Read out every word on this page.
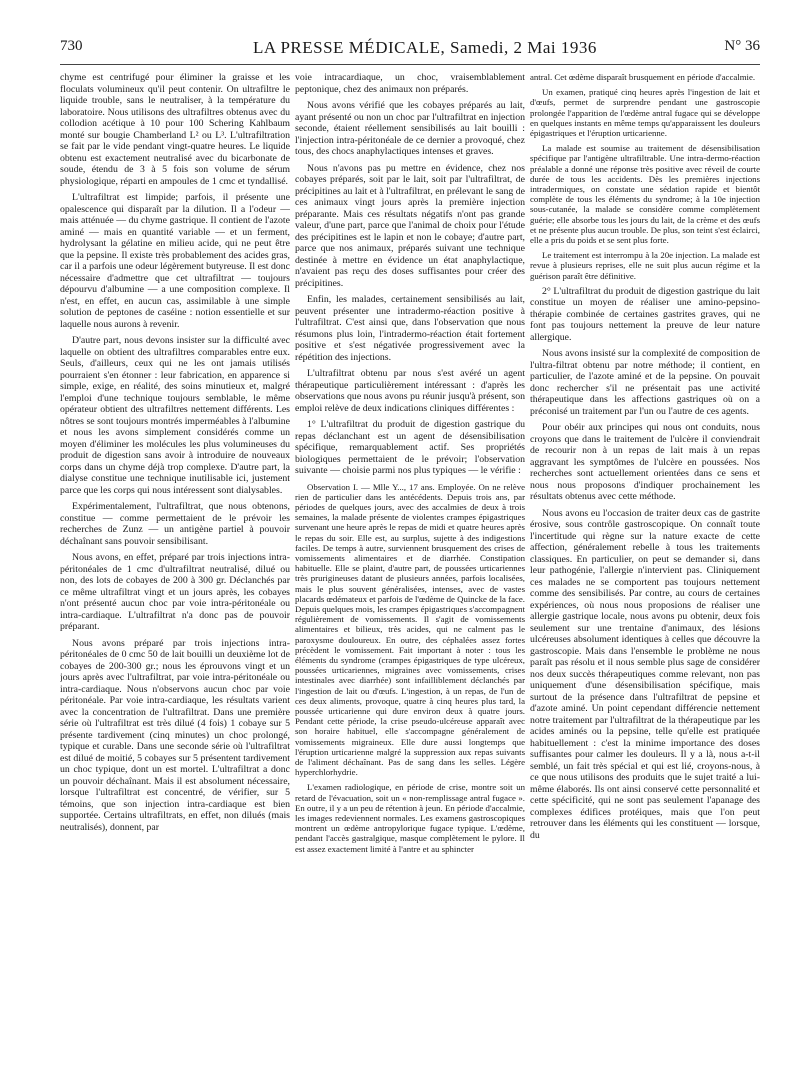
730	LA PRESSE MÉDICALE, Samedi, 2 Mai 1936	N° 36

chyme est centrifugé pour éliminer la graisse et les floculats volumineux qu'il peut contenir. On ultrafiltre le liquide trouble, sans le neutraliser, à la température du laboratoire. Nous utilisons des ultrafiltres obtenus avec du collodion acétique à 10 pour 100 Schering Kahlbaum monté sur bougie Chamberland L² ou L³. L'ultrafiltration se fait par le vide pendant vingt-quatre heures. Le liquide obtenu est exactement neutralisé avec du bicarbonate de soude, étendu de 3 à 5 fois son volume de sérum physiologique, réparti en ampoules de 1 cmc et tyndallisé.

L'ultrafiltrat est limpide; parfois, il présente une opalescence qui disparaît par la dilution. Il a l'odeur — mais atténuée — du chyme gastrique. Il contient de l'azote aminé — mais en quantité variable — et un ferment, hydrolysant la gélatine en milieu acide, qui ne peut être que la pepsine. Il existe très probablement des acides gras, car il a parfois une odeur légèrement butyreuse. Il est donc nécessaire d'admettre que cet ultrafiltrat — toujours dépourvu d'albumine — a une composition complexe. Il n'est, en effet, en aucun cas, assimilable à une simple solution de peptones de caséine : notion essentielle et sur laquelle nous aurons à revenir.

D'autre part, nous devons insister sur la difficulté avec laquelle on obtient des ultrafiltres comparables entre eux. Seuls, d'ailleurs, ceux qui ne les ont jamais utilisés pourraient s'en étonner : leur fabrication, en apparence si simple, exige, en réalité, des soins minutieux et, malgré l'emploi d'une technique toujours semblable, le même opérateur obtient des ultrafiltres nettement différents. Les nôtres se sont toujours montrés imperméables à l'albumine et nous les avons simplement considérés comme un moyen d'éliminer les molécules les plus volumineuses du produit de digestion sans avoir à introduire de nouveaux corps dans un chyme déjà trop complexe. D'autre part, la dialyse constitue une technique inutilisable ici, justement parce que les corps qui nous intéressent sont dialysables.

Expérimentalement, l'ultrafiltrat, que nous obtenons, constitue — comme permettaient de le prévoir les recherches de Zunz — un antigène partiel à pouvoir déchaînant sans pouvoir sensibilisant.

Nous avons, en effet, préparé par trois injections intra-péritonéales de 1 cmc d'ultrafiltrat neutralisé, dilué ou non, des lots de cobayes de 200 à 300 gr. Déclanchés par ce même ultrafiltrat vingt et un jours après, les cobayes n'ont présenté aucun choc par voie intra-péritonéale ou intra-cardiaque. L'ultrafiltrat n'a donc pas de pouvoir préparant.

Nous avons préparé par trois injections intra-péritonéales de 0 cmc 50 de lait bouilli un deuxième lot de cobayes de 200-300 gr.; nous les éprouvons vingt et un jours après avec l'ultrafiltrat, par voie intra-péritonéale ou intra-cardiaque. Nous n'observons aucun choc par voie péritonéale. Par voie intra-cardiaque, les résultats varient avec la concentration de l'ultrafiltrat. Dans une première série où l'ultrafiltrat est très dilué (4 fois) 1 cobaye sur 5 présente tardivement (cinq minutes) un choc prolongé, typique et curable. Dans une seconde série où l'ultrafiltrat est dilué de moitié, 5 cobayes sur 5 présentent tardivement un choc typique, dont un est mortel. L'ultrafiltrat a donc un pouvoir déchaînant. Mais il est absolument nécessaire, lorsque l'ultrafiltrat est concentré, de vérifier, sur 5 témoins, que son injection intra-cardiaque est bien supportée. Certains ultrafiltrats, en effet, non dilués (mais neutralisés), donnent, par

voie intracardiaque, un choc, vraisemblablement peptonique, chez des animaux non préparés.

Nous avons vérifié que les cobayes préparés au lait, ayant présenté ou non un choc par l'ultrafiltrat en injection seconde, étaient réellement sensibilisés au lait bouilli : l'injection intra-péritonéale de ce dernier a provoqué, chez tous, des chocs anaphylactiques intenses et graves.

Nous n'avons pas pu mettre en évidence, chez nos cobayes préparés, soit par le lait, soit par l'ultrafiltrat, de précipitines au lait et à l'ultrafiltrat, en prélevant le sang de ces animaux vingt jours après la première injection préparante. Mais ces résultats négatifs n'ont pas grande valeur, d'une part, parce que l'animal de choix pour l'étude des précipitines est le lapin et non le cobaye; d'autre part, parce que nos animaux, préparés suivant une technique destinée à mettre en évidence un état anaphylactique, n'avaient pas reçu des doses suffisantes pour créer des précipitines.

Enfin, les malades, certainement sensibilisés au lait, peuvent présenter une intradermo-réaction positive à l'ultrafiltrat. C'est ainsi que, dans l'observation que nous résumons plus loin, l'intradermo-réaction était fortement positive et s'est négativée progressivement avec la répétition des injections.

L'ultrafiltrat obtenu par nous s'est avéré un agent thérapeutique particulièrement intéressant : d'après les observations que nous avons pu réunir jusqu'à présent, son emploi relève de deux indications cliniques différentes :

1° L'ultrafiltrat du produit de digestion gastrique du repas déclanchant est un agent de désensibilisation spécifique, remarquablement actif. Ses propriétés biologiques permettaient de le prévoir; l'observation suivante — choisie parmi nos plus typiques — le vérifie :

Observation I. — Mlle Y..., 17 ans. Employée. On ne relève rien de particulier dans les antécédents. Depuis trois ans, par périodes de quelques jours, avec des accalmies de deux à trois semaines, la malade présente de violentes crampes épigastriques survenant une heure après le repas de midi et quatre heures après le repas du soir. Elle est, au surplus, sujette à des indigestions faciles. De temps à autre, surviennent brusquement des crises de vomissements alimentaires et de diarrhée. Constipation habituelle. Elle se plaint, d'autre part, de poussées urticariennes très prurigineuses datant de plusieurs années, parfois localisées, mais le plus souvent généralisées, intenses, avec de vastes placards œdémateux et parfois de l'œdème de Quincke de la face. Depuis quelques mois, les crampes épigastriques s'accompagnent régulièrement de vomissements. Il s'agit de vomissements alimentaires et bilieux, très acides, qui ne calment pas le paroxysme douloureux. En outre, des céphalées assez fortes précèdent le vomissement. Fait important à noter : tous les éléments du syndrome (crampes épigastriques de type ulcéreux, poussées urticariennes, migraines avec vomissements, crises intestinales avec diarrhée) sont infailliblement déclanchés par l'ingestion de lait ou d'œufs. L'ingestion, à un repas, de l'un de ces deux aliments, provoque, quatre à cinq heures plus tard, la poussée urticarienne qui dure environ deux à quatre jours. Pendant cette période, la crise pseudo-ulcéreuse apparaît avec son horaire habituel, elle s'accompagne généralement de vomissements migraineux. Elle dure aussi longtemps que l'éruption urticarienne malgré la suppression aux repas suivants de l'aliment déchaînant. Pas de sang dans les selles. Légère hyperchlorhydrie.

L'examen radiologique, en période de crise, montre soit un retard de l'évacuation, soit un « non-remplissage antral fugace ». En outre, il y a un peu de rétention à jeun. En période d'accalmie, les images redeviennent normales. Les examens gastroscopiques montrent un œdème antropylorique fugace typique. L'œdème, pendant l'accès gastralgique, masque complètement le pylore. Il est assez exactement limité à l'antre et au sphincter

antral. Cet œdème disparaît brusquement en période d'accalmie.

Un examen, pratiqué cinq heures après l'ingestion de lait et d'œufs, permet de surprendre pendant une gastroscopie prolongée l'apparition de l'œdème antral fugace qui se développe en quelques instants en même temps qu'apparaissent les douleurs épigastriques et l'éruption urticarienne.

La malade est soumise au traitement de désensibilisation spécifique par l'antigène ultrafiltrable. Une intra-dermo-réaction préalable a donné une réponse très positive avec réveil de courte durée de tous les accidents. Dès les premières injections intradermiques, on constate une sédation rapide et bientôt complète de tous les éléments du syndrome; à la 10e injection sous-cutanée, la malade se considère comme complètement guérie; elle absorbe tous les jours du lait, de la crème et des œufs et ne présente plus aucun trouble. De plus, son teint s'est éclairci, elle a pris du poids et se sent plus forte.

Le traitement est interrompu à la 20e injection. La malade est revue à plusieurs reprises, elle ne suit plus aucun régime et la guérison paraît être définitive.

2° L'ultrafiltrat du produit de digestion gastrique du lait constitue un moyen de réaliser une amino-pepsino-thérapie combinée de certaines gastrites graves, qui ne font pas toujours nettement la preuve de leur nature allergique.

Nous avons insisté sur la complexité de composition de l'ultra-filtrat obtenu par notre méthode; il contient, en particulier, de l'azote aminé et de la pepsine. On pouvait donc rechercher s'il ne présentait pas une activité thérapeutique dans les affections gastriques où on a préconisé un traitement par l'un ou l'autre de ces agents.

Pour obéir aux principes qui nous ont conduits, nous croyons que dans le traitement de l'ulcère il conviendrait de recourir non à un repas de lait mais à un repas aggravant les symptômes de l'ulcère en poussées. Nos recherches sont actuellement orientées dans ce sens et nous nous proposons d'indiquer prochainement les résultats obtenus avec cette méthode.

Nous avons eu l'occasion de traiter deux cas de gastrite érosive, sous contrôle gastroscopique. On connaît toute l'incertitude qui règne sur la nature exacte de cette affection, généralement rebelle à tous les traitements classiques. En particulier, on peut se demander si, dans leur pathogénie, l'allergie n'intervient pas. Cliniquement ces malades ne se comportent pas toujours nettement comme des sensibilisés. Par contre, au cours de certaines expériences, où nous nous proposions de réaliser une allergie gastrique locale, nous avons pu obtenir, deux fois seulement sur une trentaine d'animaux, des lésions ulcéreuses absolument identiques à celles que découvre la gastroscopie. Mais dans l'ensemble le problème ne nous paraît pas résolu et il nous semble plus sage de considérer nos deux succès thérapeutiques comme relevant, non pas uniquement d'une désensibilisation spécifique, mais surtout de la présence dans l'ultrafiltrat de pepsine et d'azote aminé. Un point cependant différencie nettement notre traitement par l'ultrafiltrat de la thérapeutique par les acides aminés ou la pepsine, telle qu'elle est pratiquée habituellement : c'est la minime importance des doses suffisantes pour calmer les douleurs. Il y a là, nous a-t-il semblé, un fait très spécial et qui est lié, croyons-nous, à ce que nous utilisons des produits que le sujet traité a lui-même élaborés. Ils ont ainsi conservé cette personnalité et cette spécificité, qui ne sont pas seulement l'apanage des complexes édifices protéiques, mais que l'on peut retrouver dans les éléments qui les constituent — lorsque, du
